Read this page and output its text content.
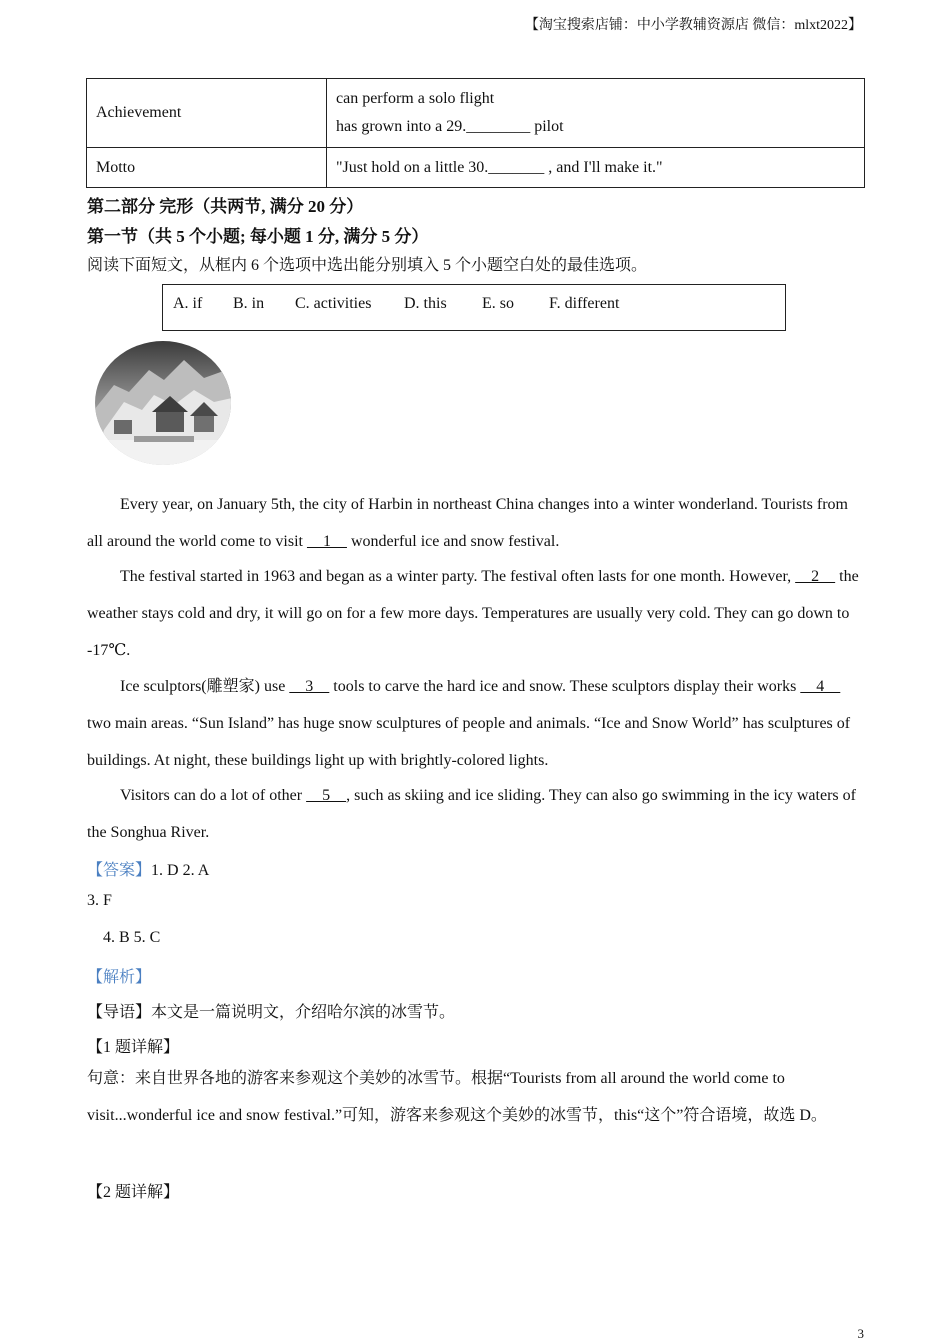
【淘宝搜索店铺：中小学教辅资源店 微信：mlxt2022】
Achievement	can perform a solo flight
has grown into a 29.________ pilot

Motto	"Just hold on a little 30._______ , and I'll make it."
第二部分 完形（共两节, 满分 20 分）
第一节（共 5 个小题; 每小题 1 分, 满分 5 分）
阅读下面短文，从框内 6 个选项中选出能分别填入 5 个小题空白处的最佳选项。
A. if B. in C. activities D. this E. so F. different
Every year, on January 5th, the city of Harbin in northeast China changes into a winter wonderland. Tourists from all around the world come to visit     1     wonderful ice and snow festival.
The festival started in 1963 and began as a winter party. The festival often lasts for one month. However,     2     the weather stays cold and dry, it will go on for a few more days. Temperatures are usually very cold. They can go down to -17℃.
Ice sculptors(雕塑家) use     3     tools to carve the hard ice and snow. These sculptors display their works     4     two main areas. “Sun Island” has huge snow sculptures of people and animals. “Ice and Snow World” has sculptures of buildings. At night, these buildings light up with brightly-colored lights.
Visitors can do a lot of other     5    , such as skiing and ice sliding. They can also go swimming in the icy waters of the Songhua River.
【答案】1. D 2. A
3. F
4. B 5. C
【解析】
【导语】本文是一篇说明文，介绍哈尔滨的冰雪节。
【1 题详解】
句意：来自世界各地的游客来参观这个美妙的冰雪节。根据“Tourists from all around the world come to visit...wonderful ice and snow festival.”可知，游客来参观这个美妙的冰雪节，this“这个”符合语境，故选 D。
【2 题详解】
3
